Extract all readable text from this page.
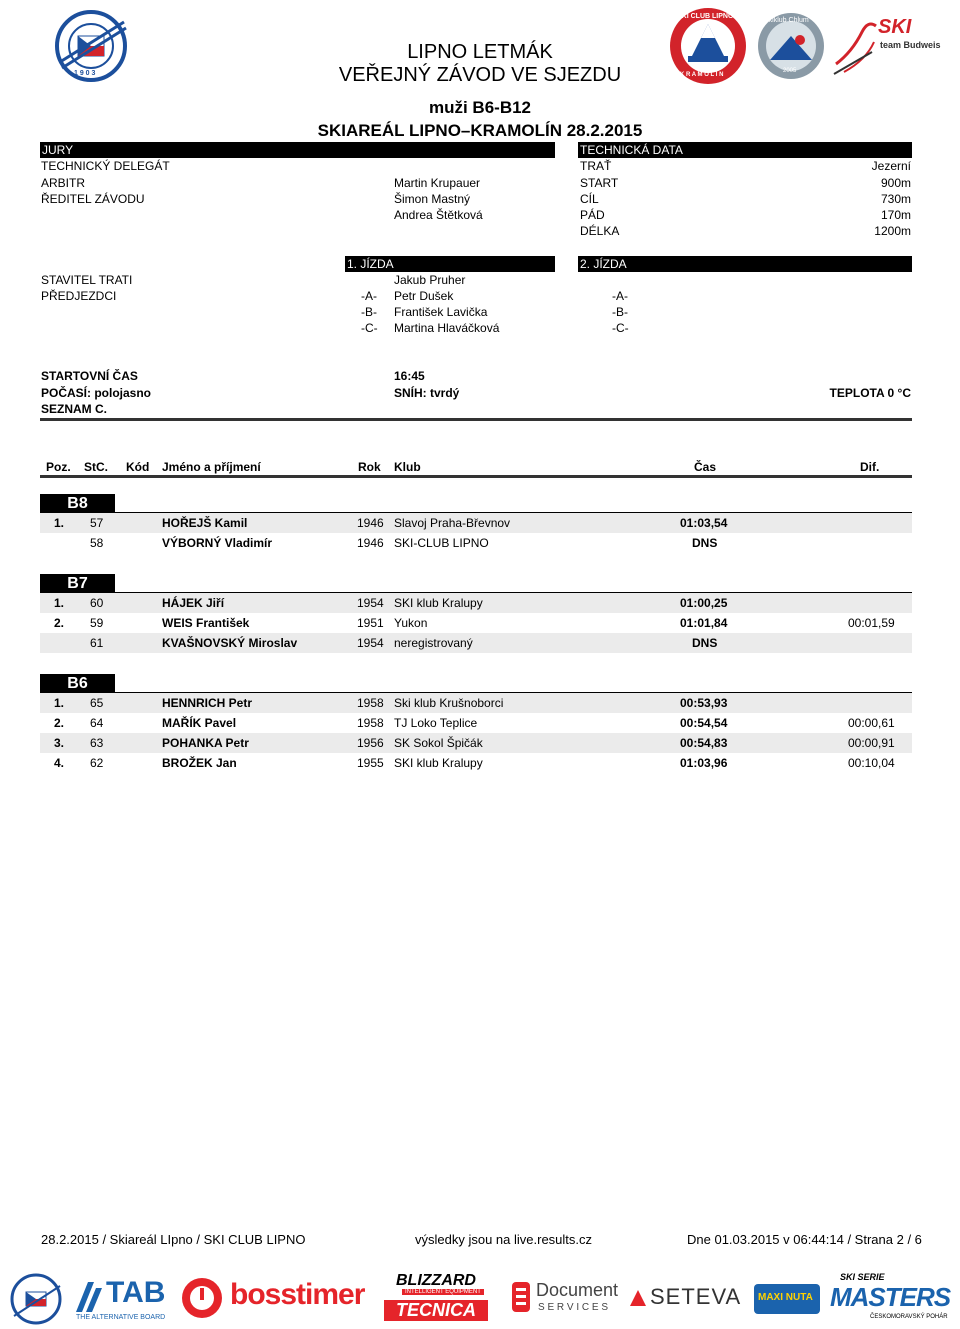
1 9 0 3
SKI CLUB LIPNO
K R A M O L Í N
Skiklub Chlum
2005
SKI
team Budweis
LIPNO LETMÁK
VEŘEJNÝ ZÁVOD VE SJEZDU
muži B6-B12
SKIAREÁL LIPNO–KRAMOLÍN 28.2.2015
JURY	TECHNICKÁ DATA
TECHNICKÝ DELEGÁT
ARBITR	Martin Krupauer
ŘEDITEL ZÁVODU	Šimon Mastný
Andrea Štětková
TRAŤ	Jezerní
START	900m
CÍL	730m
PÁD	170m
DÉLKA	1200m
1. JÍZDA	2. JÍZDA
STAVITEL TRATI	Jakub Pruher
PŘEDJEZDCI	-A- Petr Dušek	-A-
-B- František Lavička	-B-
-C- Martina Hlaváčková	-C-
STARTOVNÍ ČAS	16:45
POČASÍ: polojasno	SNÍH: tvrdý	TEPLOTA 0 °C
SEZNAM C.
Poz. StC. Kód Jméno a příjmení	Rok Klub	Čas	Dif.
B8
1. 57	HOŘEJŠ Kamil	1946 Slavoj Praha-Břevnov	01:03,54
58	VÝBORNÝ Vladimír	1946 SKI-CLUB LIPNO	DNS
B7
1. 60	HÁJEK Jiří	1954 SKI klub Kralupy	01:00,25
2. 59	WEIS František	1951 Yukon	01:01,84	00:01,59
61	KVAŠNOVSKÝ Miroslav	1954 neregistrovaný	DNS
B6
1. 65	HENNRICH Petr	1958 Ski klub Krušnoborci	00:53,93
2. 64	MAŘÍK Pavel	1958 TJ Loko Teplice	00:54,54	00:00,61
3. 63	POHANKA Petr	1956 SK Sokol Špičák	00:54,83	00:00,91
4. 62	BROŽEK Jan	1955 SKI klub Kralupy	01:03,96	00:10,04
28.2.2015 / Skiareál LIpno / SKI CLUB LIPNO	výsledky jsou na live.results.cz	Dne 01.03.2015 v 06:44:14 / Strana 2 / 6
TAB
THE ALTERNATIVE BOARD
bosstimer BLIZZARD
INTELLIGENT EQUIPMENT
TECNICA
Document
S E R V I C E S SETEVA MAXI NUTA
SKI SERIE
MASTERS
ČESKOMORAVSKÝ POHÁR
